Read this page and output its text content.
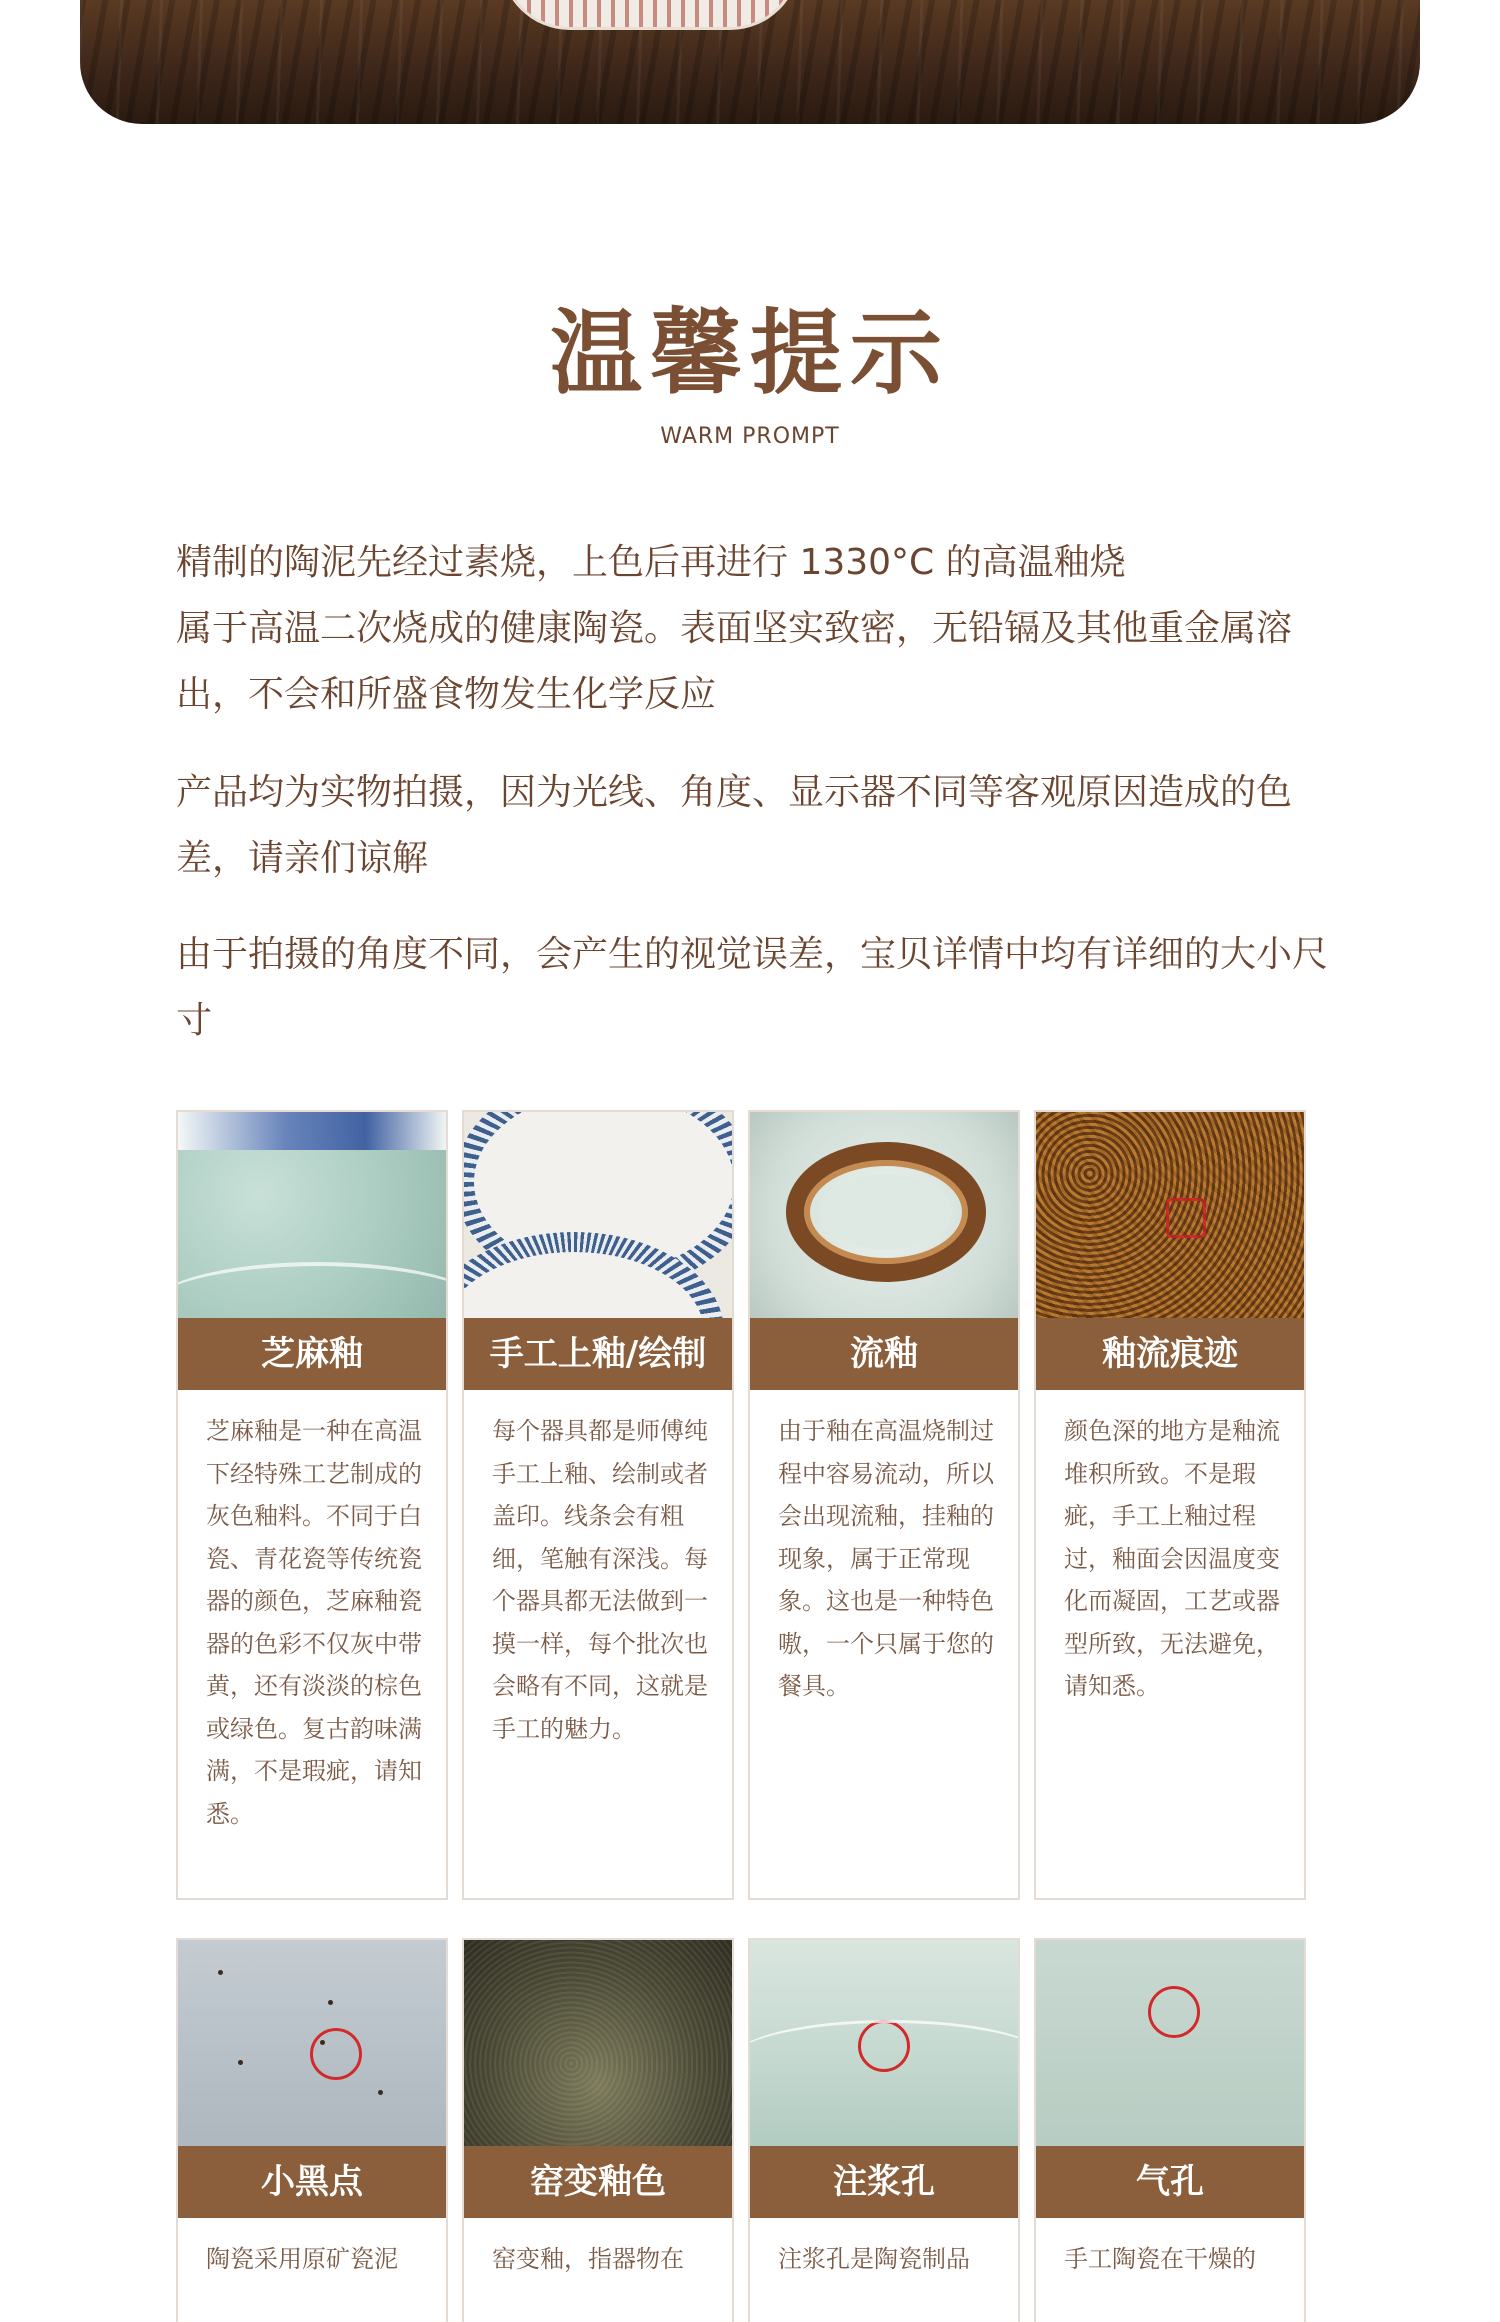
温馨提示
WARM PROMPT
精制的陶泥先经过素烧，上色后再进行 1330°C 的高温釉烧
属于高温二次烧成的健康陶瓷。表面坚实致密，无铅镉及其他重金属溶出，不会和所盛食物发生化学反应
产品均为实物拍摄，因为光线、角度、显示器不同等客观原因造成的色差，请亲们谅解
由于拍摄的角度不同，会产生的视觉误差，宝贝详情中均有详细的大小尺寸
芝麻釉
芝麻釉是一种在高温下经特殊工艺制成的灰色釉料。不同于白瓷、青花瓷等传统瓷器的颜色，芝麻釉瓷器的色彩不仅灰中带黄，还有淡淡的棕色或绿色。复古韵味满满，不是瑕疵，请知悉。
手工上釉/绘制
每个器具都是师傅纯手工上釉、绘制或者盖印。线条会有粗细，笔触有深浅。每个器具都无法做到一摸一样，每个批次也会略有不同，这就是手工的魅力。
流釉
由于釉在高温烧制过程中容易流动，所以会出现流釉，挂釉的现象，属于正常现象。这也是一种特色嗷，一个只属于您的餐具。
釉流痕迹
颜色深的地方是釉流堆积所致。不是瑕疵，手工上釉过程过，釉面会因温度变化而凝固，工艺或器型所致，无法避免，请知悉。
小黑点
陶瓷采用原矿瓷泥
窑变釉色
窑变釉，指器物在
注浆孔
注浆孔是陶瓷制品
气孔
手工陶瓷在干燥的
